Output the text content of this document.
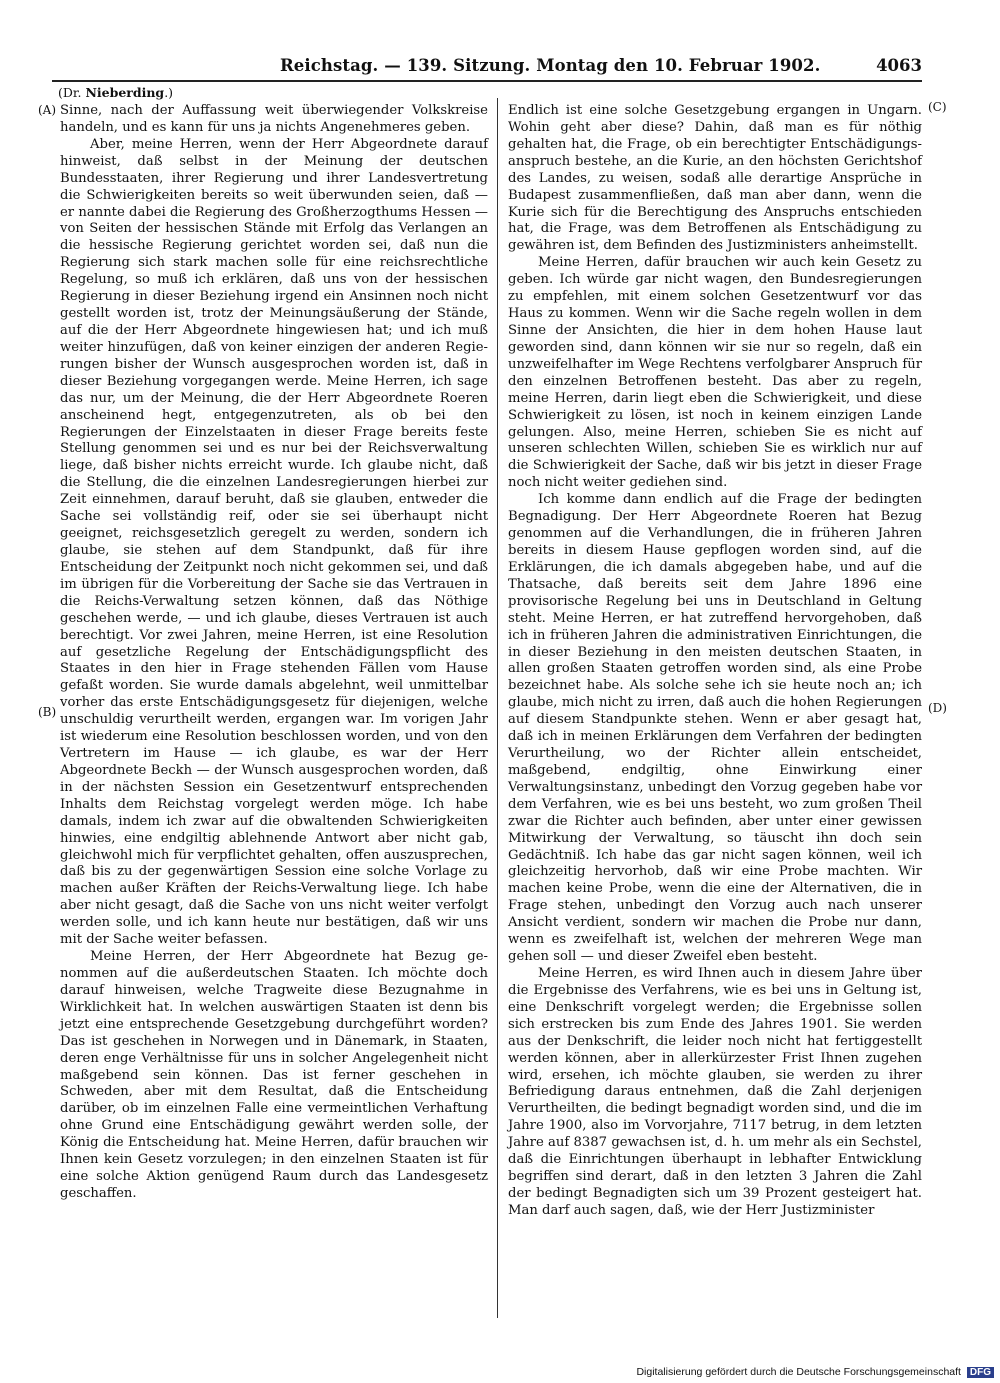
Reichstag. — 139. Sitzung. Montag den 10. Februar 1902.	4063
(Dr. Nieberding.)
(A)
(B)
(C)
(D)

Sinne, nach der Auffassung weit überwiegender Volkskreise handeln, und es kann für uns ja nichts Angenehmeres geben.

Aber, meine Herren, wenn der Herr Abgeordnete darauf hinweist, daß selbst in der Meinung der deutschen Bundesstaaten, ihrer Regierung und ihrer Landesvertretung die Schwierigkeiten bereits so weit überwunden seien, daß — er nannte dabei die Regierung des Großherzogthums Hessen — von Seiten der hessischen Stände mit Erfolg das Verlangen an die hessische Regierung gerichtet worden sei, daß nun die Regierung sich stark machen solle für eine reichsrechtliche Regelung, so muß ich erklären, daß uns von der hessischen Regierung in dieser Beziehung irgend ein Ansinnen noch nicht gestellt worden ist, trotz der Meinungsäußerung der Stände, auf die der Herr Abgeordnete hingewiesen hat; und ich muß weiter hinzufügen, daß von keiner einzigen der anderen Regierungen bisher der Wunsch ausgesprochen worden ist, daß in dieser Beziehung vorgegangen werde. Meine Herren, ich sage das nur, um der Meinung, die der Herr Abgeordnete Roeren anscheinend hegt, entgegenzutreten, als ob bei den Regierungen der Einzelstaaten in dieser Frage bereits feste Stellung genommen sei und es nur bei der Reichsverwaltung liege, daß bisher nichts erreicht wurde. Ich glaube nicht, daß die Stellung, die die einzelnen Landesregierungen hierbei zur Zeit einnehmen, darauf beruht, daß sie glauben, entweder die Sache sei vollständig reif, oder sie sei überhaupt nicht geeignet, reichsgesetzlich geregelt zu werden, sondern ich glaube, sie stehen auf dem Standpunkt, daß für ihre Entscheidung der Zeitpunkt noch nicht gekommen sei, und daß im übrigen für die Vorbereitung der Sache sie das Vertrauen in die Reichs-Verwaltung setzen können, daß das Nöthige geschehen werde, — und ich glaube, dieses Vertrauen ist auch berechtigt. Vor zwei Jahren, meine Herren, ist eine Resolution auf gesetzliche Regelung der Entschädigungspflicht des Staates in den hier in Frage stehenden Fällen vom Hause gefaßt worden. Sie wurde damals abgelehnt, weil unmittelbar vorher das erste Entschädigungsgesetz für diejenigen, welche unschuldig verurtheilt werden, ergangen war. Im vorigen Jahr ist wiederum eine Resolution beschlossen worden, und von den Vertretern im Hause — ich glaube, es war der Herr Abgeordnete Beckh — der Wunsch ausgesprochen worden, daß in der nächsten Session ein Gesetzentwurf entsprechenden Inhalts dem Reichstag vorgelegt werden möge. Ich habe damals, indem ich zwar auf die obwaltenden Schwierigkeiten hinwies, eine endgiltig ablehnende Antwort aber nicht gab, gleichwohl mich für verpflichtet gehalten, offen auszusprechen, daß bis zu der gegenwärtigen Session eine solche Vorlage zu machen außer Kräften der Reichs-Verwaltung liege. Ich habe aber nicht gesagt, daß die Sache von uns nicht weiter verfolgt werden solle, und ich kann heute nur bestätigen, daß wir uns mit der Sache weiter befassen.

Meine Herren, der Herr Abgeordnete hat Bezug genommen auf die außerdeutschen Staaten. Ich möchte doch darauf hinweisen, welche Tragweite diese Bezugnahme in Wirklichkeit hat. In welchen auswärtigen Staaten ist denn bis jetzt eine entsprechende Gesetzgebung durchgeführt worden? Das ist geschehen in Norwegen und in Dänemark, in Staaten, deren enge Verhältnisse für uns in solcher Angelegenheit nicht maßgebend sein können. Das ist ferner geschehen in Schweden, aber mit dem Resultat, daß die Entscheidung darüber, ob im einzelnen Falle eine vermeintlichen Verhaftung ohne Grund eine Entschädigung gewährt werden solle, der König die Entscheidung hat. Meine Herren, dafür brauchen wir Ihnen kein Gesetz vorzulegen; in den einzelnen Staaten ist für eine solche Aktion genügend Raum durch das Landesgesetz geschaffen.

Endlich ist eine solche Gesetzgebung ergangen in Ungarn. Wohin geht aber diese? Dahin, daß man es für nöthig gehalten hat, die Frage, ob ein berechtigter Entschädigungsanspruch bestehe, an die Kurie, an den höchsten Gerichtshof des Landes, zu weisen, sodaß alle derartige Ansprüche in Budapest zusammenfließen, daß man aber dann, wenn die Kurie sich für die Berechtigung des Anspruchs entschieden hat, die Frage, was dem Betroffenen als Entschädigung zu gewähren ist, dem Befinden des Justizministers anheimstellt.

Meine Herren, dafür brauchen wir auch kein Gesetz zu geben. Ich würde gar nicht wagen, den Bundesregierungen zu empfehlen, mit einem solchen Gesetzentwurf vor das Haus zu kommen. Wenn wir die Sache regeln wollen in dem Sinne der Ansichten, die hier in dem hohen Hause laut geworden sind, dann können wir sie nur so regeln, daß ein unzweifelhafter im Wege Rechtens verfolgbarer Anspruch für den einzelnen Betroffenen besteht. Das aber zu regeln, meine Herren, darin liegt eben die Schwierigkeit, und diese Schwierigkeit zu lösen, ist noch in keinem einzigen Lande gelungen. Also, meine Herren, schieben Sie es nicht auf unseren schlechten Willen, schieben Sie es wirklich nur auf die Schwierigkeit der Sache, daß wir bis jetzt in dieser Frage noch nicht weiter gediehen sind.

Ich komme dann endlich auf die Frage der bedingten Begnadigung. Der Herr Abgeordnete Roeren hat Bezug genommen auf die Verhandlungen, die in früheren Jahren bereits in diesem Hause gepflogen worden sind, auf die Erklärungen, die ich damals abgegeben habe, und auf die Thatsache, daß bereits seit dem Jahre 1896 eine provisorische Regelung bei uns in Deutschland in Geltung steht. Meine Herren, er hat zutreffend hervorgehoben, daß ich in früheren Jahren die administrativen Einrichtungen, die in dieser Beziehung in den meisten deutschen Staaten, in allen großen Staaten getroffen worden sind, als eine Probe bezeichnet habe. Als solche sehe ich sie heute noch an; ich glaube, mich nicht zu irren, daß auch die hohen Regierungen auf diesem Standpunkte stehen. Wenn er aber gesagt hat, daß ich in meinen Erklärungen dem Verfahren der bedingten Verurtheilung, wo der Richter allein entscheidet, maßgebend, endgiltig, ohne Einwirkung einer Verwaltungsinstanz, unbedingt den Vorzug gegeben habe vor dem Verfahren, wie es bei uns besteht, wo zum großen Theil zwar die Richter auch befinden, aber unter einer gewissen Mitwirkung der Verwaltung, so täuscht ihn doch sein Gedächtniß. Ich habe das gar nicht sagen können, weil ich gleichzeitig hervorhob, daß wir eine Probe machten. Wir machen keine Probe, wenn die eine der Alternativen, die in Frage stehen, unbedingt den Vorzug auch nach unserer Ansicht verdient, sondern wir machen die Probe nur dann, wenn es zweifelhaft ist, welchen der mehreren Wege man gehen soll — und dieser Zweifel eben besteht.

Meine Herren, es wird Ihnen auch in diesem Jahre über die Ergebnisse des Verfahrens, wie es bei uns in Geltung ist, eine Denkschrift vorgelegt werden; die Ergebnisse sollen sich erstrecken bis zum Ende des Jahres 1901. Sie werden aus der Denkschrift, die leider noch nicht hat fertiggestellt werden können, aber in allerkürzester Frist Ihnen zugehen wird, ersehen, ich möchte glauben, sie werden zu ihrer Befriedigung daraus entnehmen, daß die Zahl derjenigen Verurtheilten, die bedingt begnadigt worden sind, und die im Jahre 1900, also im Vorvorjahre, 7117 betrug, in dem letzten Jahre auf 8387 gewachsen ist, d. h. um mehr als ein Sechstel, daß die Einrichtungen überhaupt in lebhafter Entwicklung begriffen sind derart, daß in den letzten 3 Jahren die Zahl der bedingt Begnadigten sich um 39 Prozent gesteigert hat. Man darf auch sagen, daß, wie der Herr Justizminister

Digitalisierung gefördert durch die Deutsche Forschungsgemeinschaft DFG
